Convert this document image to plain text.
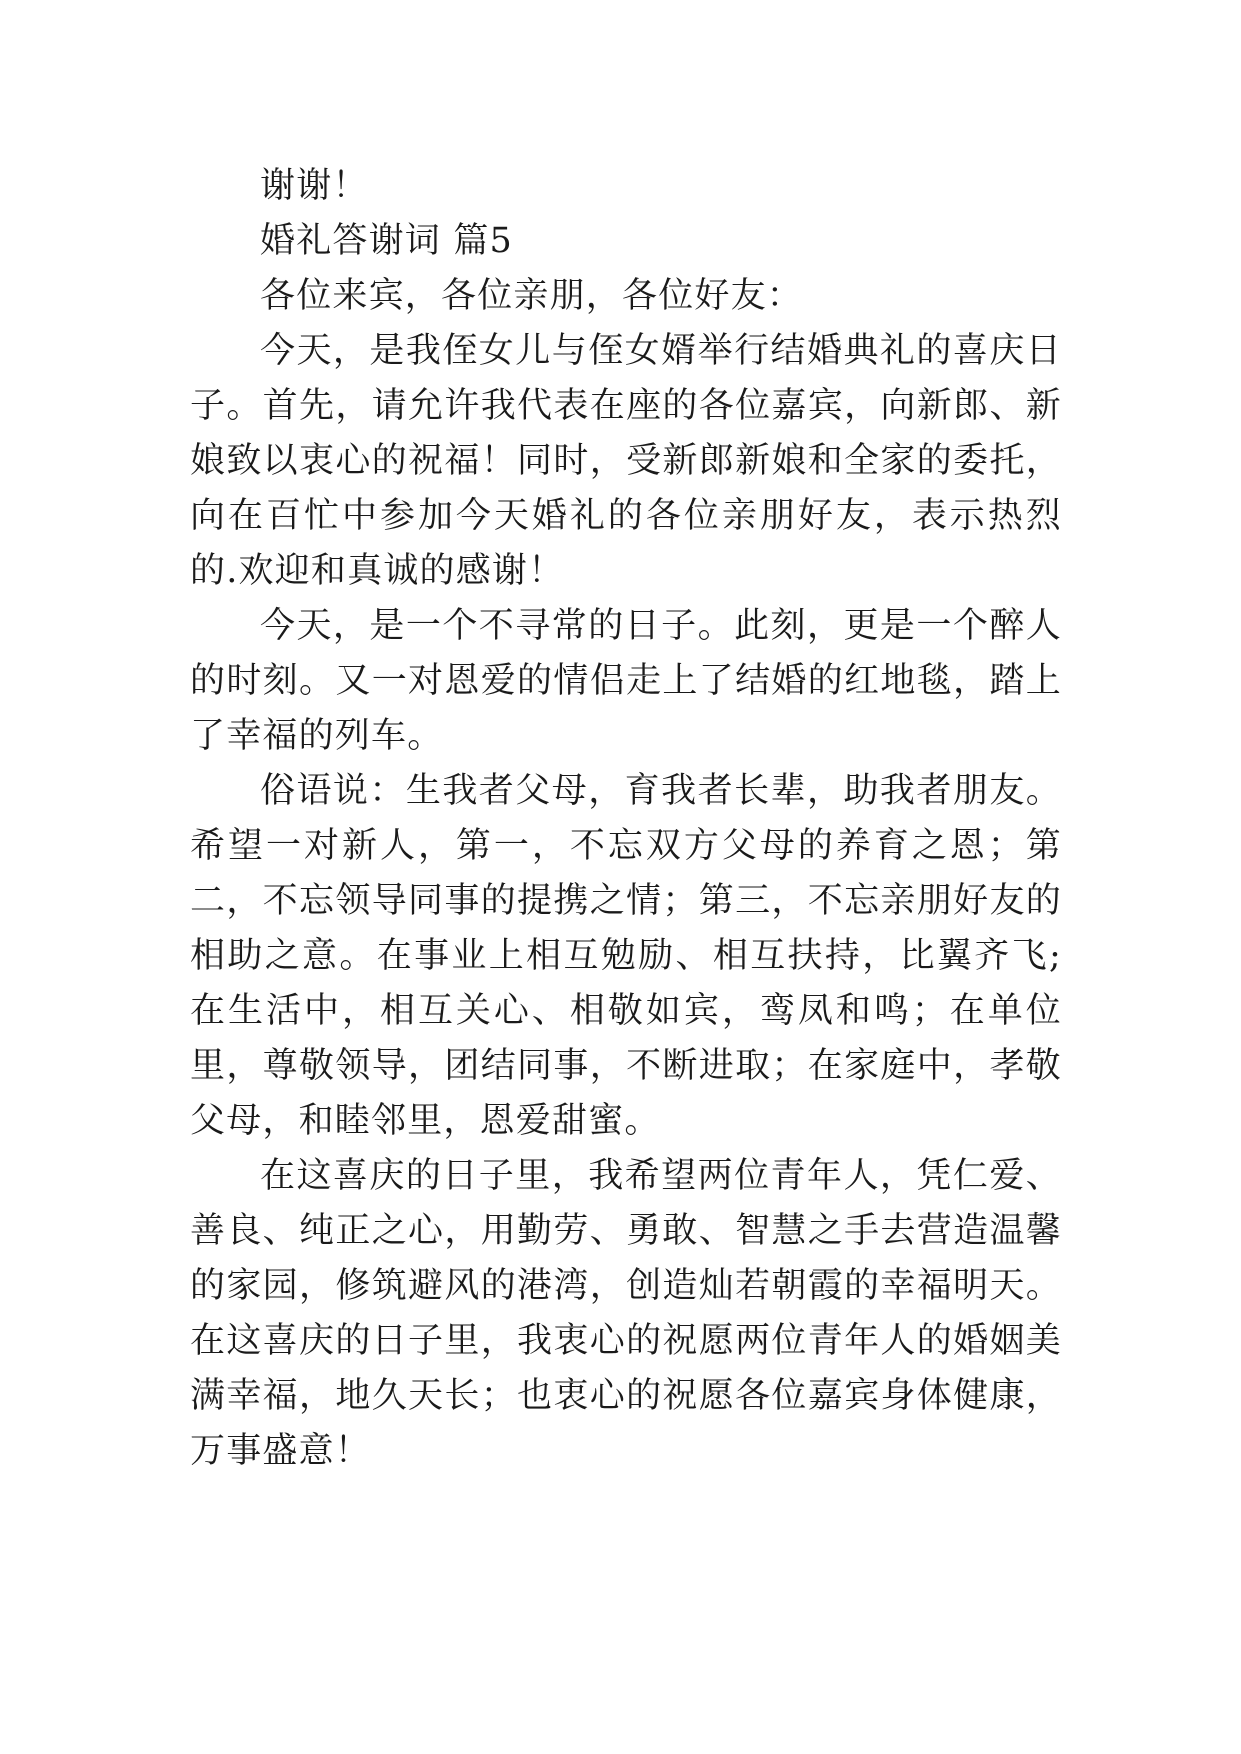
谢谢！

婚礼答谢词 篇5

各位来宾，各位亲朋，各位好友：

今天，是我侄女儿与侄女婿举行结婚典礼的喜庆日子。首先，请允许我代表在座的各位嘉宾，向新郎、新娘致以衷心的祝福！同时，受新郎新娘和全家的委托，向在百忙中参加今天婚礼的各位亲朋好友，表示热烈的.欢迎和真诚的感谢！

今天，是一个不寻常的日子。此刻，更是一个醉人的时刻。又一对恩爱的情侣走上了结婚的红地毯，踏上了幸福的列车。

俗语说：生我者父母，育我者长辈，助我者朋友。希望一对新人，第一，不忘双方父母的养育之恩；第二，不忘领导同事的提携之情；第三，不忘亲朋好友的相助之意。在事业上相互勉励、相互扶持，比翼齐飞;在生活中，相互关心、相敬如宾，鸾凤和鸣；在单位里，尊敬领导，团结同事，不断进取；在家庭中，孝敬父母，和睦邻里，恩爱甜蜜。

在这喜庆的日子里，我希望两位青年人，凭仁爱、善良、纯正之心，用勤劳、勇敢、智慧之手去营造温馨的家园，修筑避风的港湾，创造灿若朝霞的幸福明天。在这喜庆的日子里，我衷心的祝愿两位青年人的婚姻美满幸福，地久天长；也衷心的祝愿各位嘉宾身体健康，万事盛意！
